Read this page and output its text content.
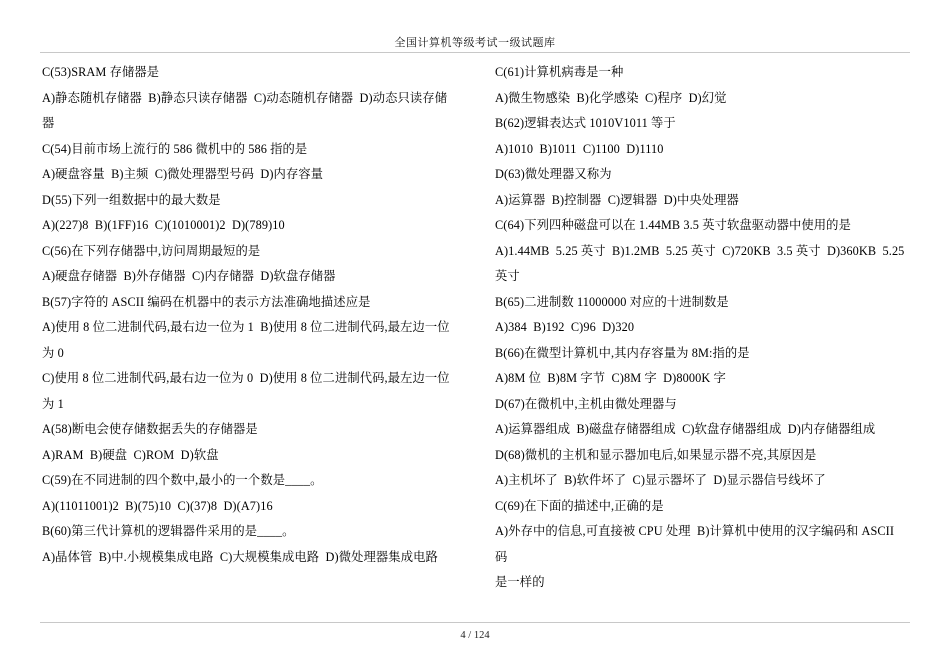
全国计算机等级考试一级试题库
C(53)SRAM 存储器是
A)静态随机存储器  B)静态只读存储器  C)动态随机存储器  D)动态只读存储
器
C(54)目前市场上流行的 586 微机中的 586 指的是
A)硬盘容量  B)主频  C)微处理器型号码  D)内存容量
D(55)下列一组数据中的最大数是
A)(227)8  B)(1FF)16  C)(1010001)2  D)(789)10
C(56)在下列存储器中,访问周期最短的是
A)硬盘存储器  B)外存储器  C)内存储器  D)软盘存储器
B(57)字符的 ASCII 编码在机器中的表示方法准确地描述应是
A)使用 8 位二进制代码,最右边一位为 1  B)使用 8 位二进制代码,最左边一位
为 0
C)使用 8 位二进制代码,最右边一位为 0  D)使用 8 位二进制代码,最左边一位
为 1
A(58)断电会使存储数据丢失的存储器是
A)RAM  B)硬盘  C)ROM  D)软盘
C(59)在不同进制的四个数中,最小的一个数是____。
A)(11011001)2  B)(75)10  C)(37)8  D)(A7)16
B(60)第三代计算机的逻辑器件采用的是____。
A)晶体管  B)中.小规模集成电路  C)大规模集成电路  D)微处理器集成电路
C(61)计算机病毒是一种
A)微生物感染  B)化学感染  C)程序  D)幻觉
B(62)逻辑表达式 1010V1011 等于
A)1010  B)1011  C)1100  D)1110
D(63)微处理器又称为
A)运算器  B)控制器  C)逻辑器  D)中央处理器
C(64)下列四种磁盘可以在 1.44MB 3.5 英寸软盘驱动器中使用的是
A)1.44MB  5.25 英寸  B)1.2MB  5.25 英寸  C)720KB  3.5 英寸  D)360KB  5.25
英寸
B(65)二进制数 11000000 对应的十进制数是
A)384  B)192  C)96  D)320
B(66)在微型计算机中,其内存容量为 8M:指的是
A)8M 位  B)8M 字节  C)8M 字  D)8000K 字
D(67)在微机中,主机由微处理器与
A)运算器组成  B)磁盘存储器组成  C)软盘存储器组成  D)内存储器组成
D(68)微机的主机和显示器加电后,如果显示器不亮,其原因是
A)主机坏了  B)软件坏了  C)显示器坏了  D)显示器信号线坏了
C(69)在下面的描述中,正确的是
A)外存中的信息,可直接被 CPU 处理  B)计算机中使用的汉字编码和 ASCII 码
是一样的
4 / 124
